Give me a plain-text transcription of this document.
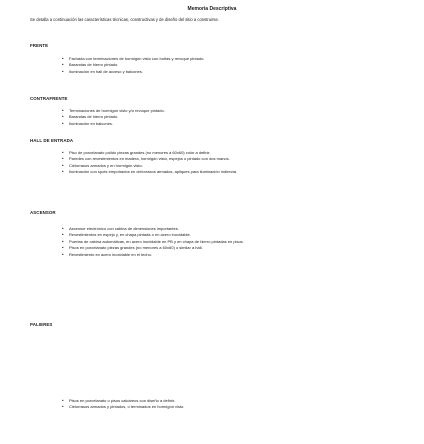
Memoria Descriptiva
Se detalla a continuación las características técnicas, constructivas y de diseño del sitio a construirse.
FRENTE
• Fachada con terminaciones de hormigón visto con buñas y revoque pintado.
• Barandas de hierro pintado.
• Iluminación en hall de acceso y balcones.
CONTRAFRENTE
• Terminaciones de hormigón visto y/o revoque pintado.
• Barandas de hierro pintado.
• Iluminación en balcones.
HALL DE ENTRADA
• Piso de porcelanato pulido piezas grandes (no menores a 60x60) color a definir.
• Paredes con revestimientos en madera, hormigón visto, espejos o pintado con dos manos.
• Cielorrasos armados y en hormigón visto.
• Iluminación con spots empotrados en cielorrasos armados, apliques para iluminación indirecta.
ASCENSOR
• Ascensor electrónico con cabina de dimensiones importantes.
• Revestimientos en espejo y, en chapa pintada o en acero inoxidable.
• Puertas de cabina automáticas, en acero inoxidable en PB y en chapa de hierro pintadas en pisos.
• Pisos en porcelanato piezas grandes (no menores a 60x60) o similar a hall.
• Revestimiento en acero inoxidable en el techo.
PALIERES
• Pisos en porcelanato o pisos calcáreos con diseño a definir.
• Cielorrasos armados y pintados, o terminados en hormigón visto.
